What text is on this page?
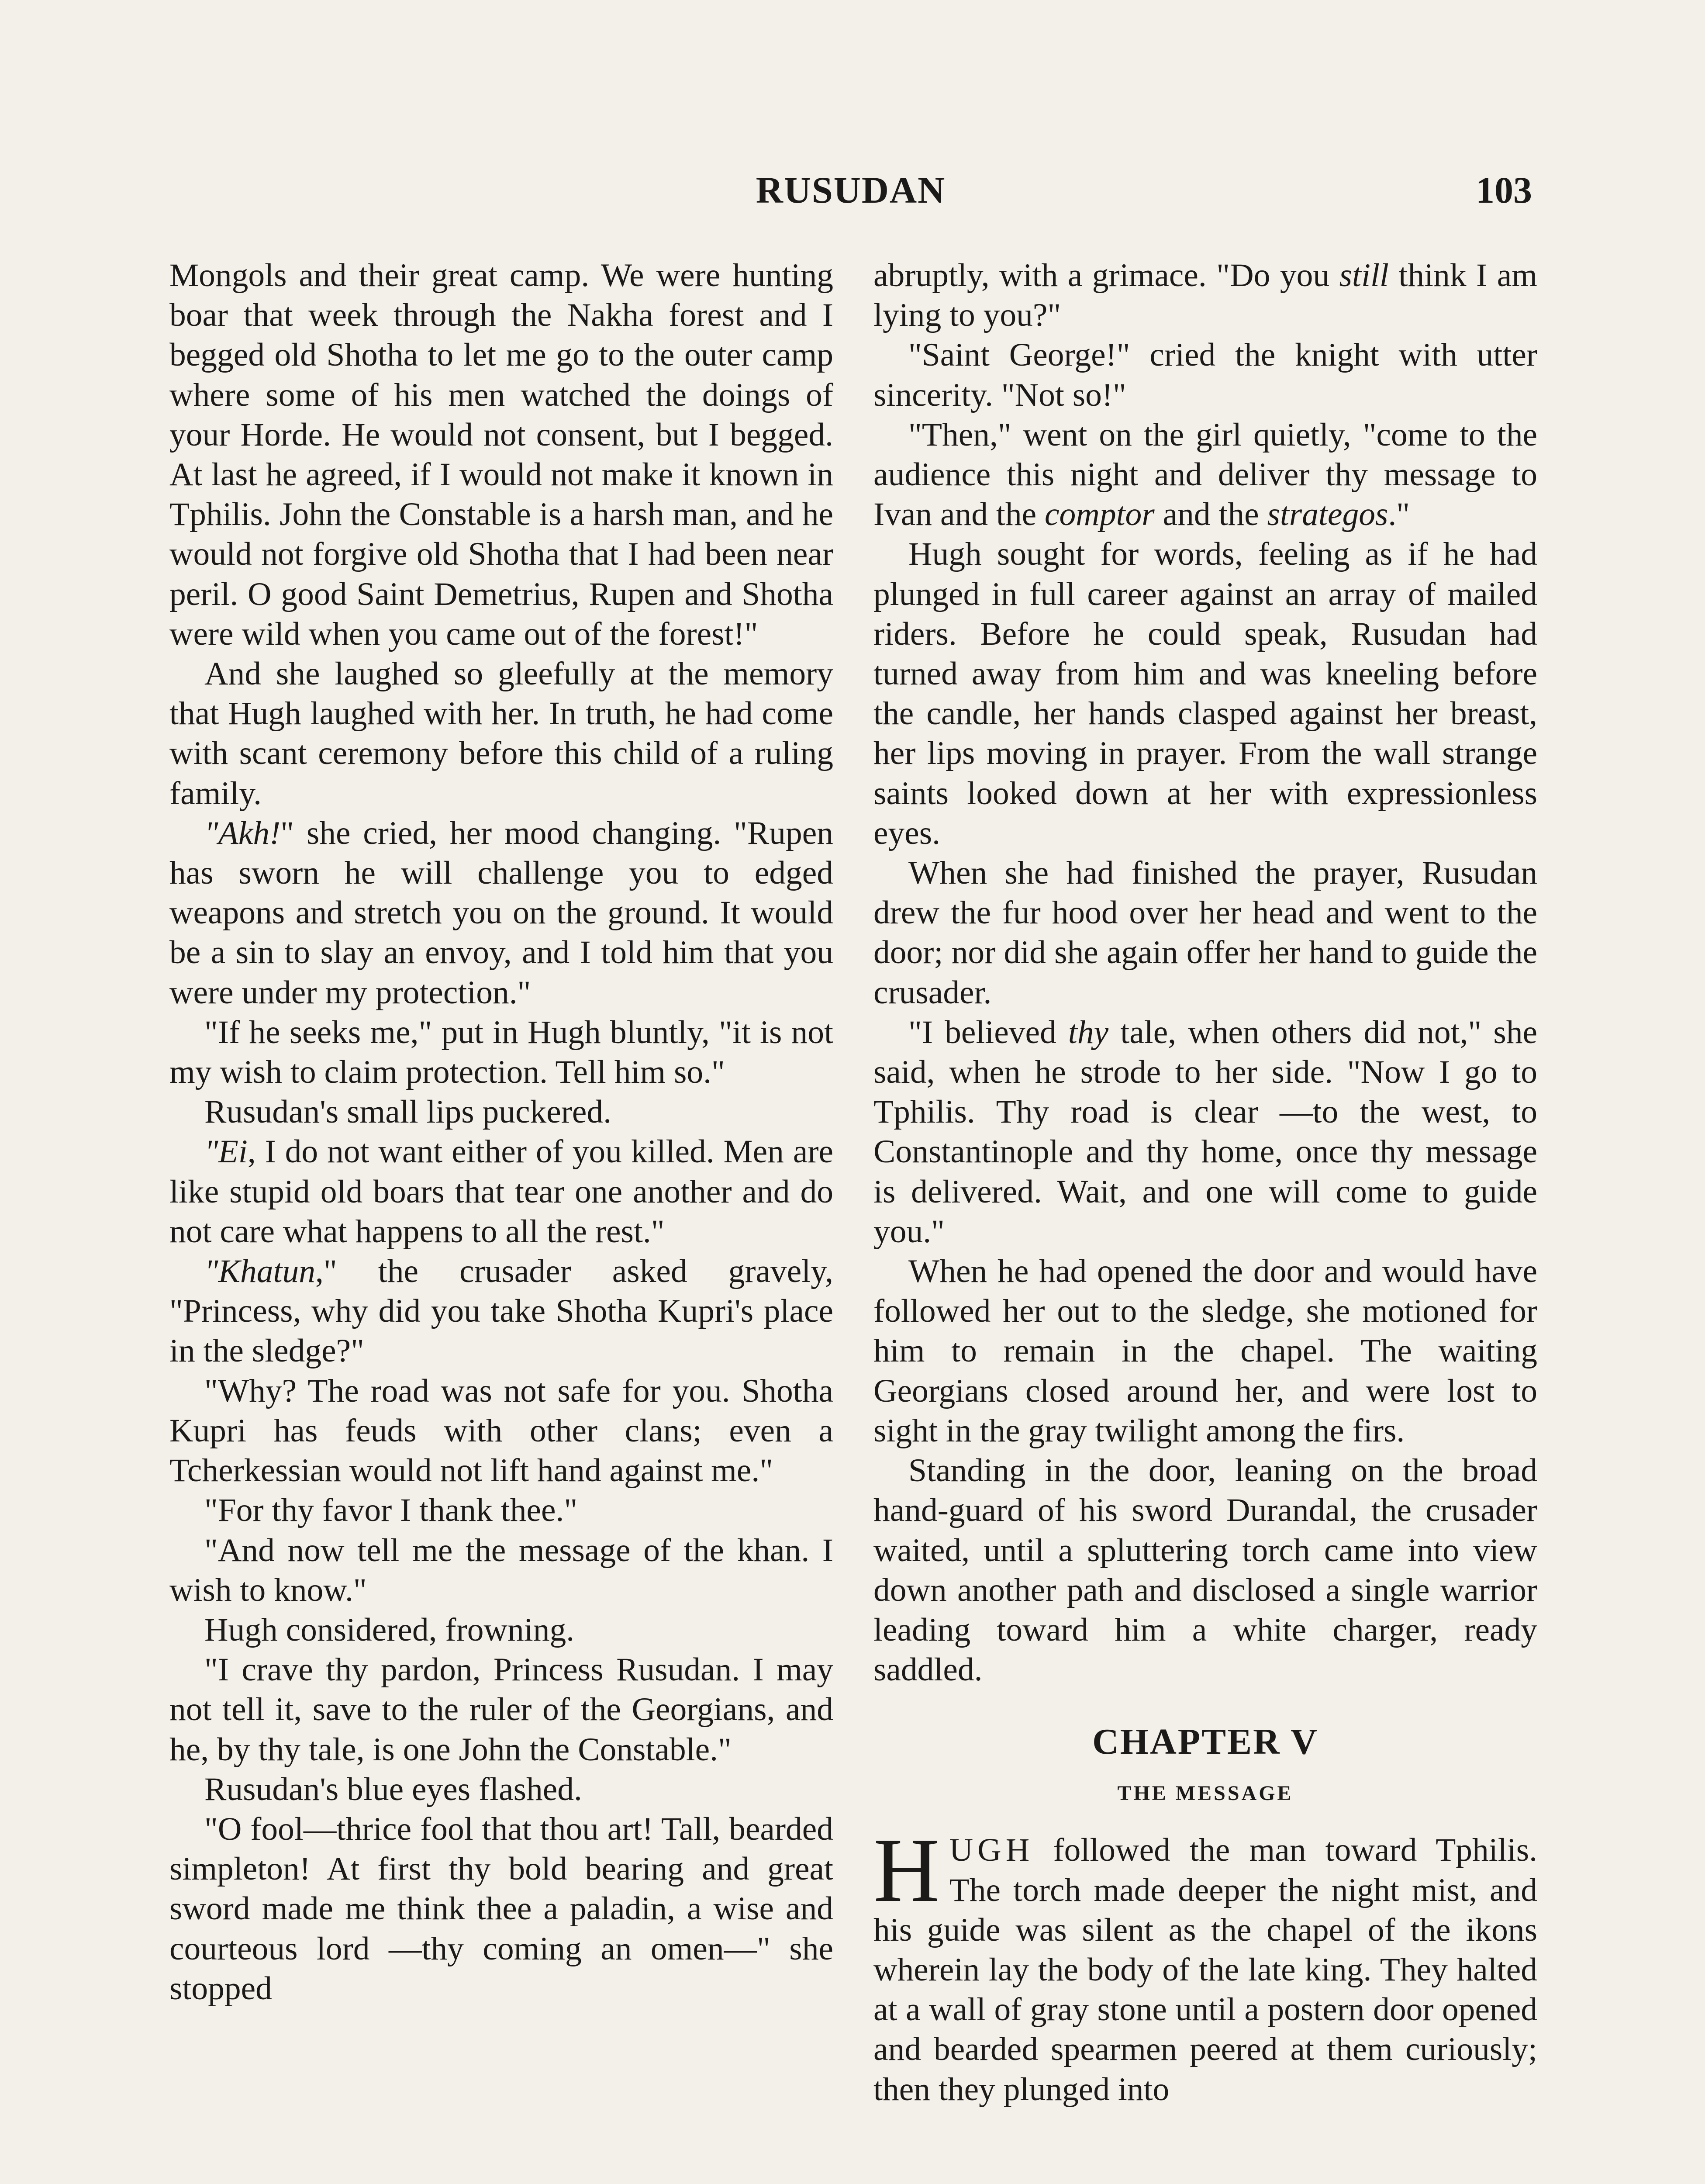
RUSUDAN	103

Mongols and their great camp. We were hunting boar that week through the Nakha forest and I begged old Shotha to let me go to the outer camp where some of his men watched the doings of your Horde. He would not consent, but I begged. At last he agreed, if I would not make it known in Tphilis. John the Constable is a harsh man, and he would not forgive old Shotha that I had been near peril. O good Saint Demetrius, Rupen and Shotha were wild when you came out of the forest!"

And she laughed so gleefully at the memory that Hugh laughed with her. In truth, he had come with scant ceremony before this child of a ruling family.

"Akh!" she cried, her mood changing. "Rupen has sworn he will challenge you to edged weapons and stretch you on the ground. It would be a sin to slay an envoy, and I told him that you were under my protection."

"If he seeks me," put in Hugh bluntly, "it is not my wish to claim protection. Tell him so."

Rusudan's small lips puckered.

"Ei, I do not want either of you killed. Men are like stupid old boars that tear one another and do not care what happens to all the rest."

"Khatun," the crusader asked gravely, "Princess, why did you take Shotha Kupri's place in the sledge?"

"Why? The road was not safe for you. Shotha Kupri has feuds with other clans; even a Tcherkessian would not lift hand against me."

"For thy favor I thank thee."

"And now tell me the message of the khan. I wish to know."

Hugh considered, frowning.

"I crave thy pardon, Princess Rusudan. I may not tell it, save to the ruler of the Georgians, and he, by thy tale, is one John the Constable."

Rusudan's blue eyes flashed.

"O fool—thrice fool that thou art! Tall, bearded simpleton! At first thy bold bearing and great sword made me think thee a paladin, a wise and courteous lord —thy coming an omen—" she stopped

abruptly, with a grimace. "Do you still think I am lying to you?"

"Saint George!" cried the knight with utter sincerity. "Not so!"

"Then," went on the girl quietly, "come to the audience this night and deliver thy message to Ivan and the comptor and the strategos."

Hugh sought for words, feeling as if he had plunged in full career against an array of mailed riders. Before he could speak, Rusudan had turned away from him and was kneeling before the candle, her hands clasped against her breast, her lips moving in prayer. From the wall strange saints looked down at her with expressionless eyes.

When she had finished the prayer, Rusudan drew the fur hood over her head and went to the door; nor did she again offer her hand to guide the crusader.

"I believed thy tale, when others did not," she said, when he strode to her side. "Now I go to Tphilis. Thy road is clear —to the west, to Constantinople and thy home, once thy message is delivered. Wait, and one will come to guide you."

When he had opened the door and would have followed her out to the sledge, she motioned for him to remain in the chapel. The waiting Georgians closed around her, and were lost to sight in the gray twilight among the firs.

Standing in the door, leaning on the broad hand-guard of his sword Durandal, the crusader waited, until a spluttering torch came into view down another path and disclosed a single warrior leading toward him a white charger, ready saddled.

CHAPTER V
THE MESSAGE

HUGH followed the man toward Tphilis. The torch made deeper the night mist, and his guide was silent as the chapel of the ikons wherein lay the body of the late king. They halted at a wall of gray stone until a postern door opened and bearded spearmen peered at them curiously; then they plunged into
